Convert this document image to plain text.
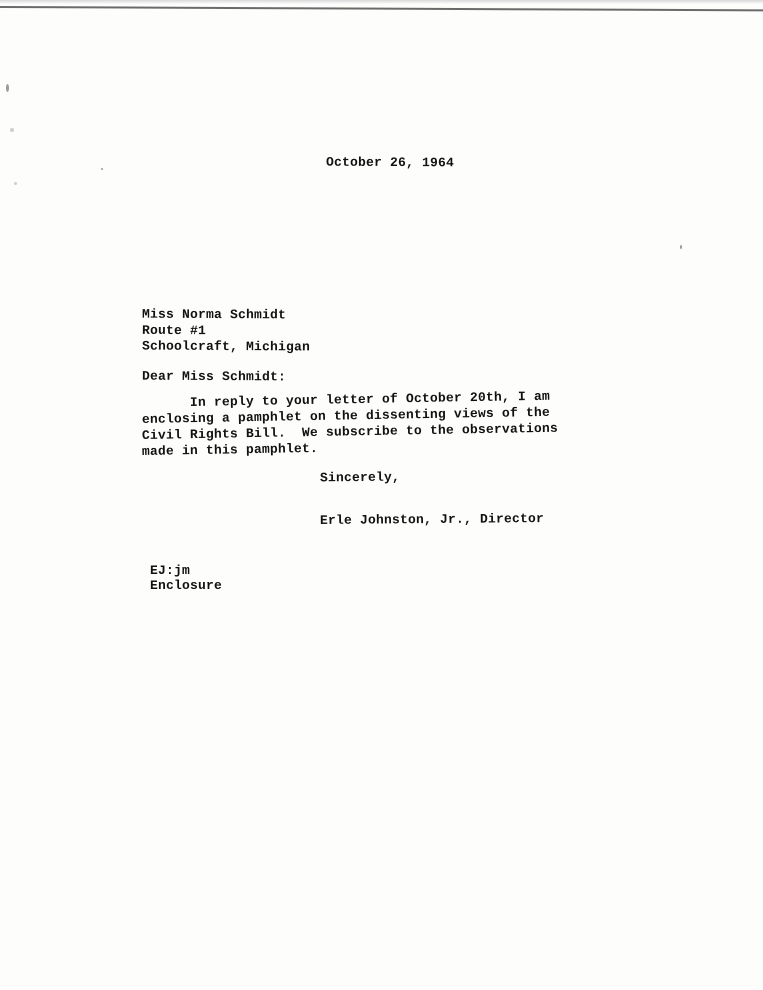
October 26, 1964
Miss Norma Schmidt
Route #1
Schoolcraft, Michigan
Dear Miss Schmidt:
In reply to your letter of October 20th, I am
enclosing a pamphlet on the dissenting views of the
Civil Rights Bill.  We subscribe to the observations
made in this pamphlet.
Sincerely,
Erle Johnston, Jr., Director
EJ:jm
Enclosure
